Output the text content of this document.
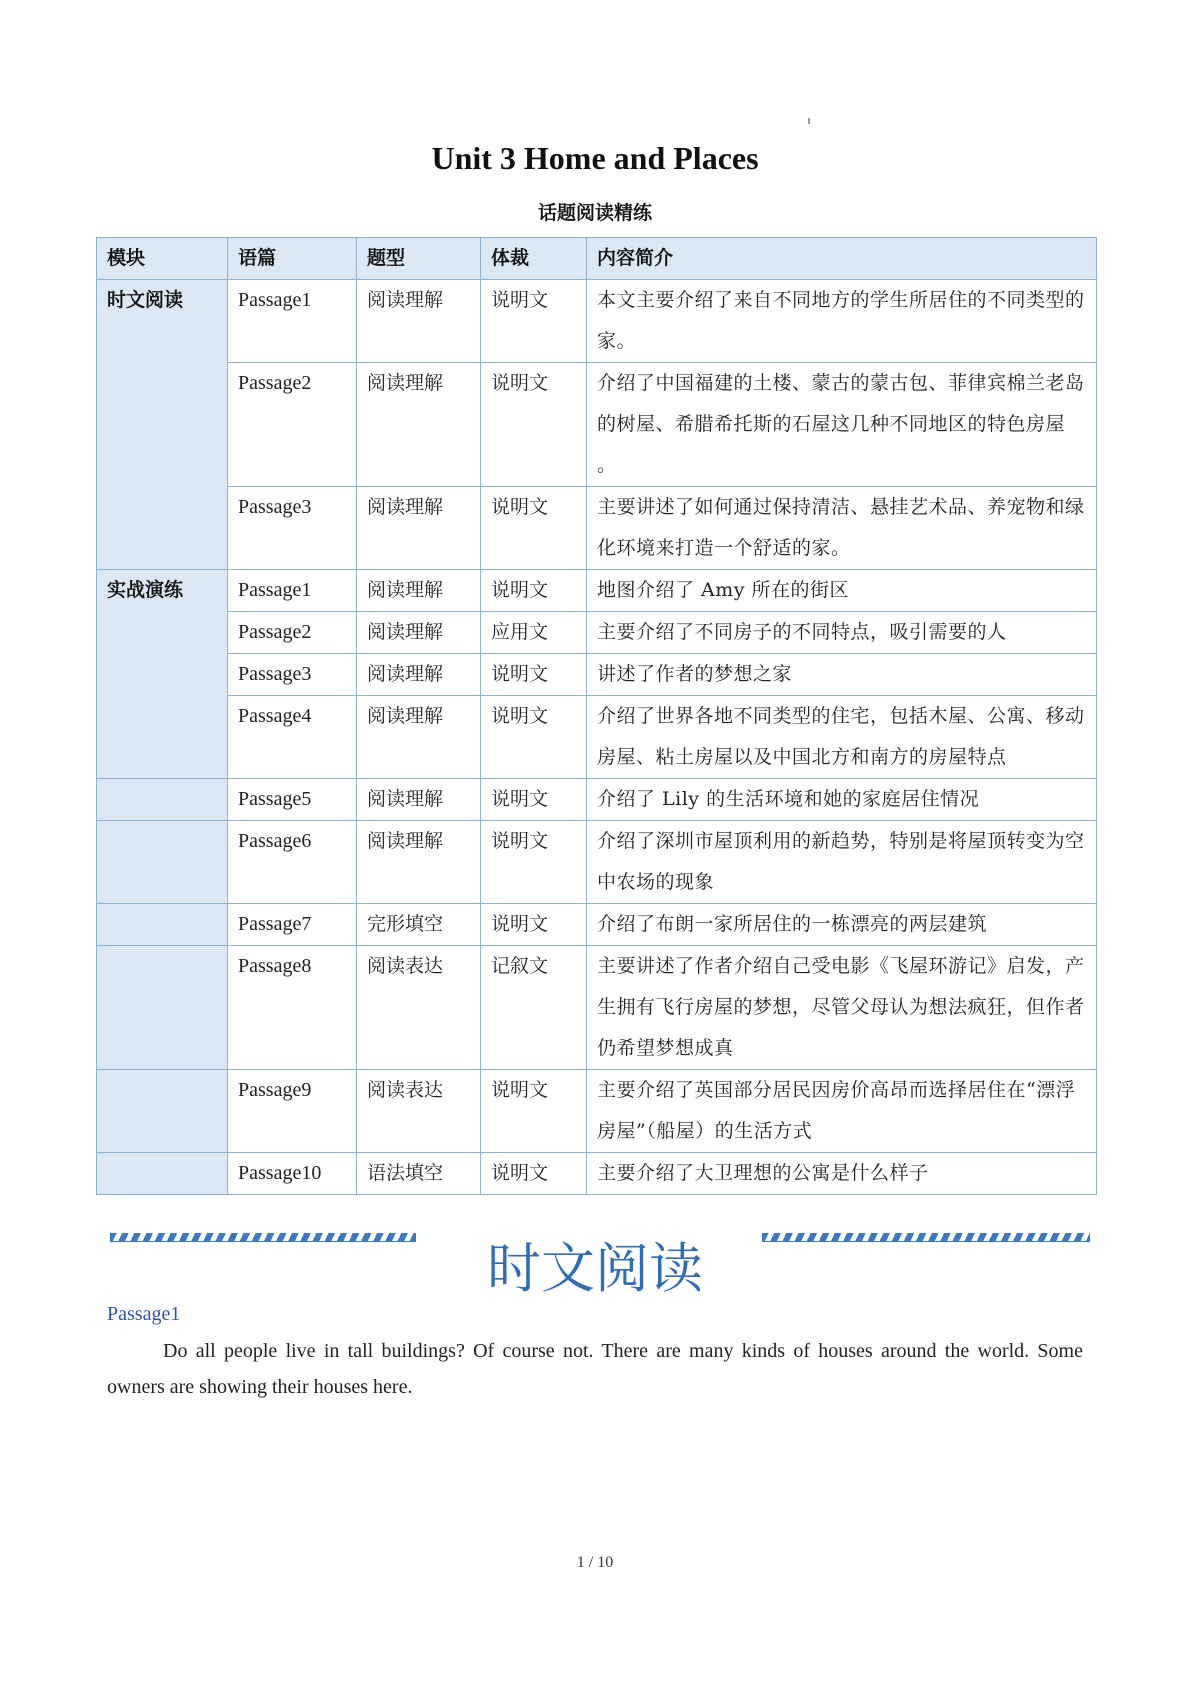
Unit 3 Home and Places
话题阅读精练
模块	语篇	题型	体裁	内容简介
时文阅读	Passage1	阅读理解	说明文	本文主要介绍了来自不同地方的学生所居住的不同类型的家。
	Passage2	阅读理解	说明文	介绍了中国福建的土楼、蒙古的蒙古包、菲律宾棉兰老岛的树屋、希腊希托斯的石屋这几种不同地区的特色房屋 。
	Passage3	阅读理解	说明文	主要讲述了如何通过保持清洁、悬挂艺术品、养宠物和绿化环境来打造一个舒适的家。
实战演练	Passage1	阅读理解	说明文	地图介绍了 Amy 所在的街区
	Passage2	阅读理解	应用文	主要介绍了不同房子的不同特点，吸引需要的人
	Passage3	阅读理解	说明文	讲述了作者的梦想之家
	Passage4	阅读理解	说明文	介绍了世界各地不同类型的住宅，包括木屋、公寓、移动房屋、粘土房屋以及中国北方和南方的房屋特点
	Passage5	阅读理解	说明文	介绍了 Lily 的生活环境和她的家庭居住情况
	Passage6	阅读理解	说明文	介绍了深圳市屋顶利用的新趋势，特别是将屋顶转变为空中农场的现象
	Passage7	完形填空	说明文	介绍了布朗一家所居住的一栋漂亮的两层建筑
	Passage8	阅读表达	记叙文	主要讲述了作者介绍自己受电影《飞屋环游记》启发，产生拥有飞行房屋的梦想，尽管父母认为想法疯狂，但作者仍希望梦想成真
	Passage9	阅读表达	说明文	主要介绍了英国部分居民因房价高昂而选择居住在“漂浮房屋”（船屋）的生活方式
	Passage10	语法填空	说明文	主要介绍了大卫理想的公寓是什么样子
时文阅读
Passage1

Do all people live in tall buildings? Of course not. There are many kinds of houses around the world. Some owners are showing their houses here.

1 / 10
